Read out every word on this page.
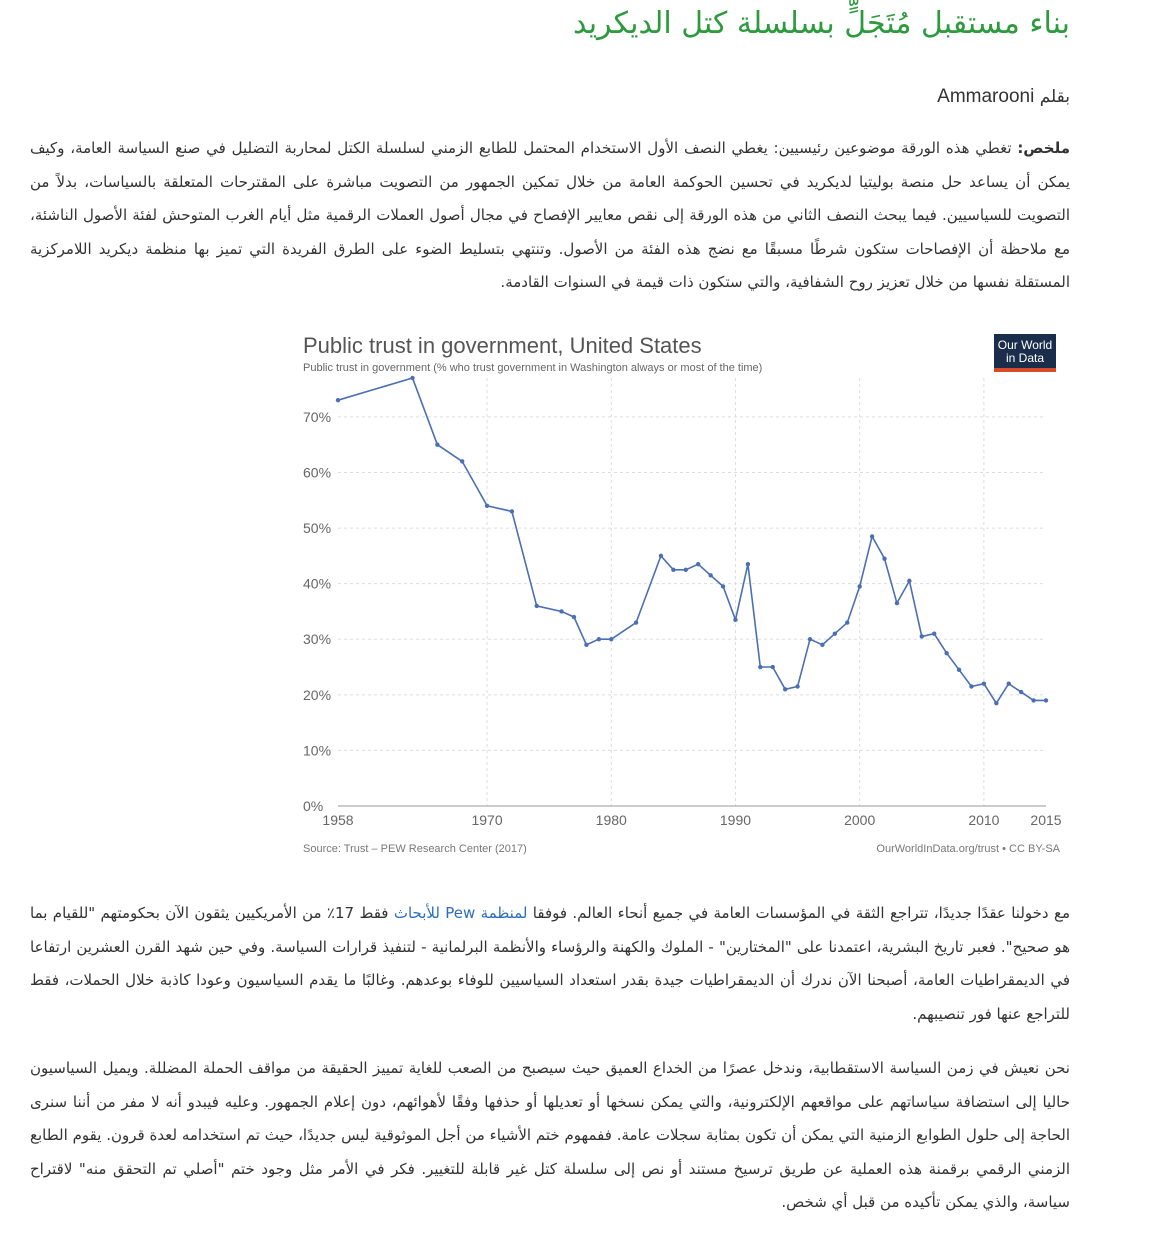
بناء مستقبل مُتَجَلٍّ بسلسلة كتل الديكريد
بقلم Ammarooni
ملخص: تغطي هذه الورقة موضوعين رئيسيين: يغطي النصف الأول الاستخدام المحتمل للطابع الزمني لسلسلة الكتل لمحاربة التضليل في صنع السياسة العامة، وكيف يمكن أن يساعد حل منصة بوليتيا لديكريد في تحسين الحوكمة العامة من خلال تمكين الجمهور من التصويت مباشرة على المقترحات المتعلقة بالسياسات، بدلاً من التصويت للسياسيين. فيما يبحث النصف الثاني من هذه الورقة إلى نقص معايير الإفصاح في مجال أصول العملات الرقمية مثل أيام الغرب المتوحش لفئة الأصول الناشئة، مع ملاحظة أن الإفصاحات ستكون شرطًا مسبقًا مع نضج هذه الفئة من الأصول. وتنتهي بتسليط الضوء على الطرق الفريدة التي تميز بها منظمة ديكريد اللامركزية المستقلة نفسها من خلال تعزيز روح الشفافية، والتي ستكون ذات قيمة في السنوات القادمة.
مع دخولنا عقدًا جديدًا، تتراجع الثقة في المؤسسات العامة في جميع أنحاء العالم. فوفقا لمنظمة Pew للأبحاث فقط 17٪ من الأمريكيين يثقون الآن بحكومتهم "للقيام بما هو صحيح". فعبر تاريخ البشرية، اعتمدنا على "المختارين" - الملوك والكهنة والرؤساء والأنظمة البرلمانية - لتنفيذ قرارات السياسة. وفي حين شهد القرن العشرين ارتفاعا في الديمقراطيات العامة، أصبحنا الآن ندرك أن الديمقراطيات جيدة بقدر استعداد السياسيين للوفاء بوعدهم. وغالبًا ما يقدم السياسيون وعودا كاذبة خلال الحملات، فقط للتراجع عنها فور تنصيبهم.
نحن نعيش في زمن السياسة الاستقطابية، وندخل عصرًا من الخداع العميق حيث سيصبح من الصعب للغاية تمييز الحقيقة من مواقف الحملة المضللة. ويميل السياسيون حاليا إلى استضافة سياساتهم على مواقعهم الإلكترونية، والتي يمكن نسخها أو تعديلها أو حذفها وفقًا لأهوائهم، دون إعلام الجمهور. وعليه فيبدو أنه لا مفر من أننا سنرى الحاجة إلى حلول الطوابع الزمنية التي يمكن أن تكون بمثابة سجلات عامة. ففمهوم ختم الأشياء من أجل الموثوقية ليس جديدًا، حيث تم استخدامه لعدة قرون. يقوم الطابع الزمني الرقمي برقمنة هذه العملية عن طريق ترسيخ مستند أو نص إلى سلسلة كتل غير قابلة للتغيير. فكر في الأمر مثل وجود ختم "أصلي تم التحقق منه" لاقتراح سياسة، والذي يمكن تأكيده من قبل أي شخص.
Public trust in government, United States
Public trust in government (% who trust government in Washington always or most of the time)
Our World
in Data
0%
10%
20%
30%
40%
50%
60%
70%
1958	1970	1980	1990	2000	2010 2015
Source: Trust – PEW Research Center (2017)	OurWorldInData.org/trust • CC BY-SA
